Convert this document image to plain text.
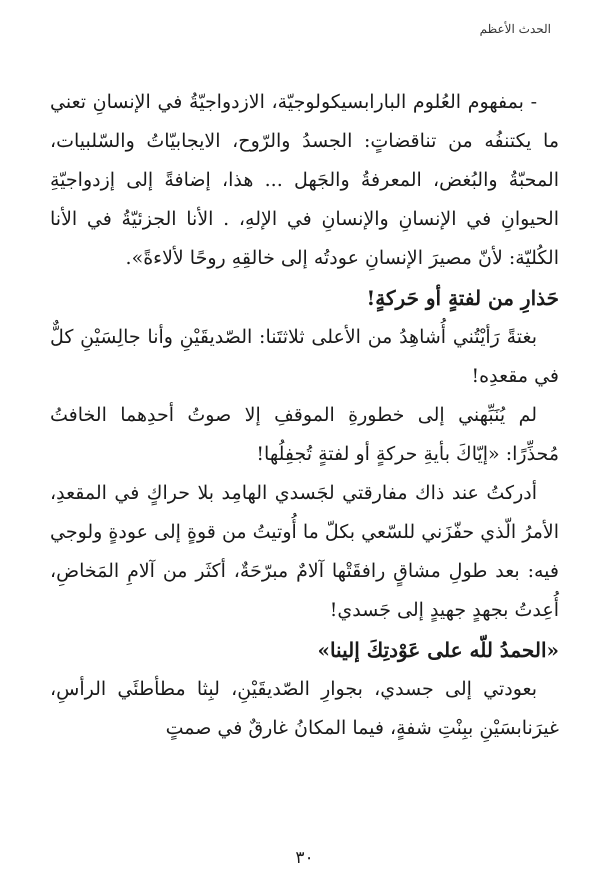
الحدث الأعظم

- بمفهوم العُلوم البارابسيكولوجيّة، الازدواجيّةُ في الإنسانِ تعني ما يكتنفُه من تناقضاتٍ: الجسدُ والرّوح، الايجابيّاتُ والسّلبيات، المحبّةُ والبُغض، المعرفةُ والجَهل ... هذا، إضافةً إلى إزدواجيّةِ الحيوانِ في الإنسانِ والإنسانِ في الإلهِ، . الأنا الجزئيّةُ في الأنا الكُليّة: لأنّ مصيرَ الإنسانِ عودتُه إلى خالقِهِ روحًا لألاءةً».

حَذارِ من لفتةٍ أو حَركةٍ!

بغتةً رَأيْتُني أُشاهِدُ من الأعلى ثلاثتَنا: الصّديقَيْنِ وأنا جالِسَيْنِ كلٌّ في مقعدِه!

لم يُنَبِّهني إلى خطورةِ الموقفِ إلا صوتُ أحدِهما الخافتُ مُحذِّرًا: «إيّاكَ بأيةِ حركةٍ أو لفتةٍ تُجفِلُها!

أدركتُ عند ذاك مفارقتي لجَسدي الهامِد بلا حراكٍ في المقعدِ، الأمرُ الّذي حفّزَني للسّعي بكلّ ما أُوتيتُ من قوةٍ إلى عودةٍ ولوجي فيه: بعد طولِ مشاقٍ رافقَتْها آلامٌ مبرّحَةٌ، أكثَر من آلامِ المَخاضِ، أُعِدتُ بجهدٍ جهيدٍ إلى جَسدي!

«الحمدُ للّه على عَوْدتِكَ إلينا»

بعودتي إلى جسدي، بجوارِ الصّديقَيْنِ، لبِثا مطأطئَي الرأسِ، غيرَنابسَيْنِ ببِنْتِ شفةٍ، فيما المكانُ غارقٌ في صمتٍ

٣٠
